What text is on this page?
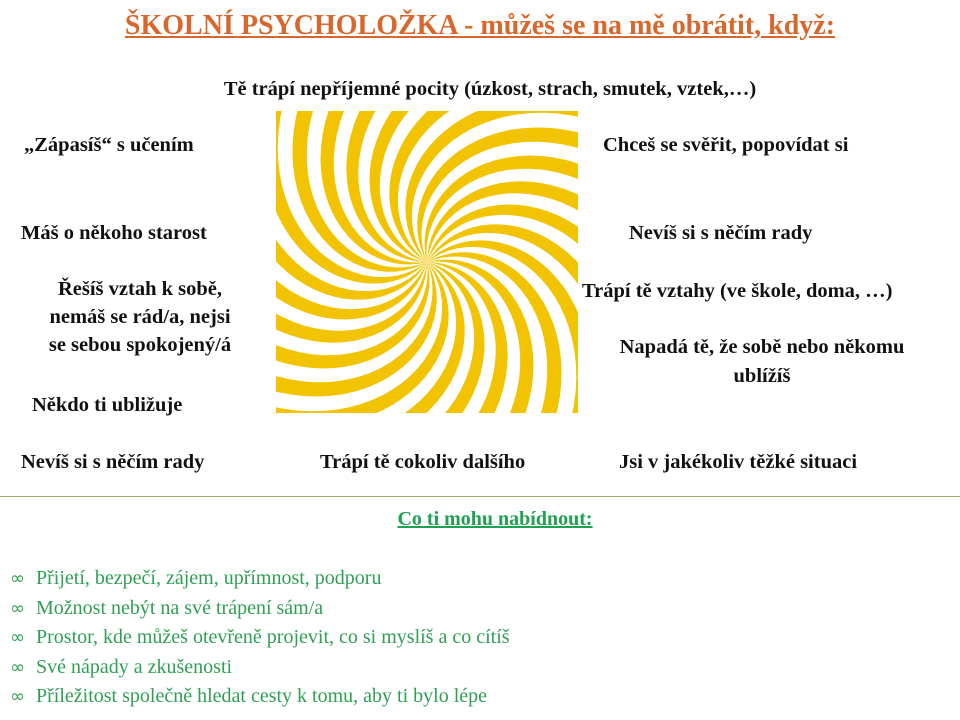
ŠKOLNÍ PSYCHOLOŽKA - můžeš se na mě obrátit, když:
Tě trápí nepříjemné pocity (úzkost, strach, smutek, vztek,…)
„Zápasíš“ s učením
Máš o někoho starost
Řešíš vztah k sobě,
nemáš se rád/a, nejsi
se sebou spokojený/á
Někdo ti ubližuje
Nevíš si s něčím rady	Trápí tě cokoliv dalšího
Chceš se svěřit, popovídat si
Nevíš si s něčím rady
Trápí tě vztahy (ve škole, doma, …)
Napadá tě, že sobě nebo někomu
ublížíš
Jsi v jakékoliv těžké situaci
Co ti mohu nabídnout:
∞ Přijetí, bezpečí, zájem, upřímnost, podporu
∞ Možnost nebýt na své trápení sám/a
∞ Prostor, kde můžeš otevřeně projevit, co si myslíš a co cítíš
∞ Své nápady a zkušenosti
∞ Příležitost společně hledat cesty k tomu, aby ti bylo lépe
